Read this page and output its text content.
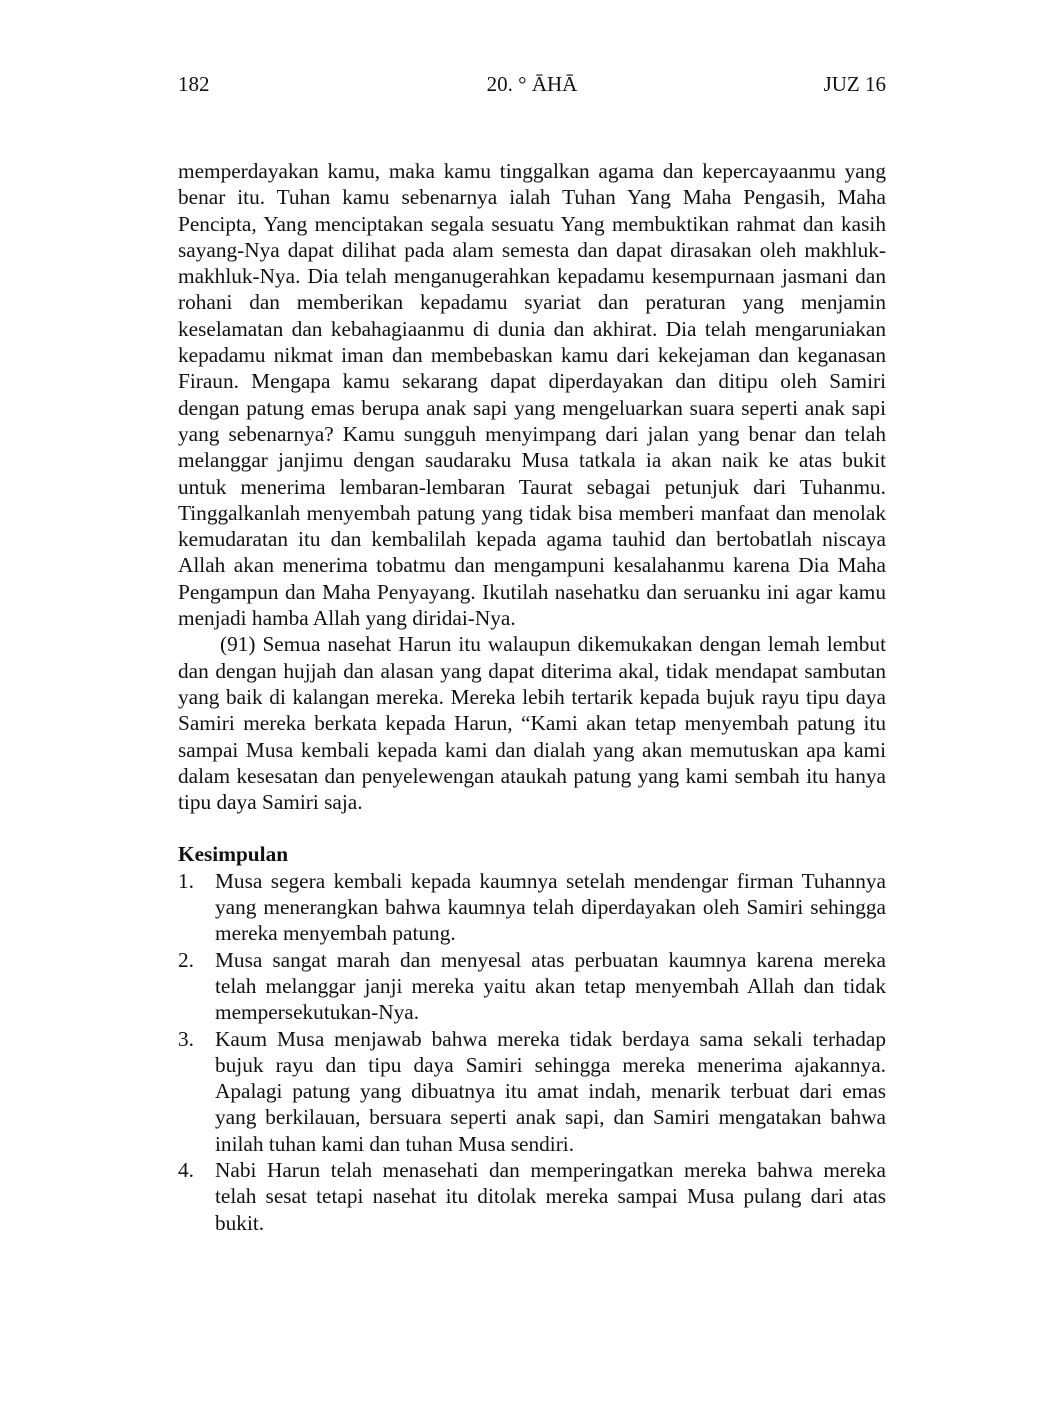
182	20. ° ĀHĀ	JUZ 16

memperdayakan kamu, maka kamu tinggalkan agama dan kepercayaanmu yang benar itu. Tuhan kamu sebenarnya ialah Tuhan Yang Maha Pengasih, Maha Pencipta, Yang menciptakan segala sesuatu Yang membuktikan rahmat dan kasih sayang-Nya dapat dilihat pada alam semesta dan dapat dirasakan oleh makhluk-makhluk-Nya. Dia telah menganugerahkan kepadamu kesempurnaan jasmani dan rohani dan memberikan kepadamu syariat dan peraturan yang menjamin keselamatan dan kebahagiaanmu di dunia dan akhirat. Dia telah mengaruniakan kepadamu nikmat iman dan membebaskan kamu dari kekejaman dan keganasan Firaun. Mengapa kamu sekarang dapat diperdayakan dan ditipu oleh Samiri dengan patung emas berupa anak sapi yang mengeluarkan suara seperti anak sapi yang sebenarnya? Kamu sungguh menyimpang dari jalan yang benar dan telah melanggar janjimu dengan saudaraku Musa tatkala ia akan naik ke atas bukit untuk menerima lembaran-lembaran Taurat sebagai petunjuk dari Tuhanmu. Tinggalkanlah menyembah patung yang tidak bisa memberi manfaat dan menolak kemudaratan itu dan kembalilah kepada agama tauhid dan bertobatlah niscaya Allah akan menerima tobatmu dan mengampuni kesalahanmu karena Dia Maha Pengampun dan Maha Penyayang. Ikutilah nasehatku dan seruanku ini agar kamu menjadi hamba Allah yang diridai-Nya.

(91) Semua nasehat Harun itu walaupun dikemukakan dengan lemah lembut dan dengan hujjah dan alasan yang dapat diterima akal, tidak mendapat sambutan yang baik di kalangan mereka. Mereka lebih tertarik kepada bujuk rayu tipu daya Samiri mereka berkata kepada Harun, “Kami akan tetap menyembah patung itu sampai Musa kembali kepada kami dan dialah yang akan memutuskan apa kami dalam kesesatan dan penyelewengan ataukah patung yang kami sembah itu hanya tipu daya Samiri saja.

Kesimpulan
1. Musa segera kembali kepada kaumnya setelah mendengar firman Tuhannya yang menerangkan bahwa kaumnya telah diperdayakan oleh Samiri sehingga mereka menyembah patung.
2. Musa sangat marah dan menyesal atas perbuatan kaumnya karena mereka telah melanggar janji mereka yaitu akan tetap menyembah Allah dan tidak mempersekutukan-Nya.
3. Kaum Musa menjawab bahwa mereka tidak berdaya sama sekali terhadap bujuk rayu dan tipu daya Samiri sehingga mereka menerima ajakannya. Apalagi patung yang dibuatnya itu amat indah, menarik terbuat dari emas yang berkilauan, bersuara seperti anak sapi, dan Samiri mengatakan bahwa inilah tuhan kami dan tuhan Musa sendiri.
4. Nabi Harun telah menasehati dan memperingatkan mereka bahwa mereka telah sesat tetapi nasehat itu ditolak mereka sampai Musa pulang dari atas bukit.
